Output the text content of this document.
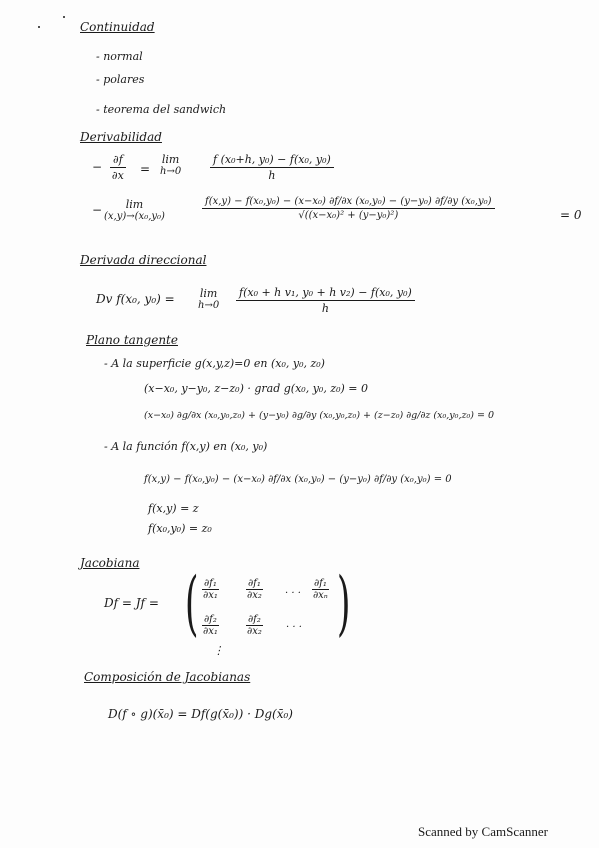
Continuidad
- normal
- polares
- teorema del sandwich
Derivabilidad
− $\frac{\partial f}{\partial x}$ =
lim
h→0	$\frac{\text{f (x₀+h, y₀) − f(x₀, y₀)}}{h}$
− lim
(x,y)→(x₀,y₀)
f(x,y) − f(x₀,y₀) − (x−x₀) ∂f/∂x (x₀,y₀) − (y−y₀) ∂f/∂y (x₀,y₀)
√((x−x₀)² + (y−y₀)²)	= 0
Derivada direccional
Dv f(x₀, y₀) = lim
$h\to 0 \frac{\text{f(x₀ + h v₁, y₀ + h v₂) − f(x₀, y₀)}}{h}$
Plano tangente
- A la superficie g(x,y,z)=0 en (x₀, y₀, z₀)
(x−x₀, y−y₀, z−z₀) · grad g(x₀, y₀, z₀) = 0
(x−x₀) ∂g/∂x (x₀,y₀,z₀) + (y−y₀) ∂g/∂y (x₀,y₀,z₀) + (z−z₀) ∂g/∂z (x₀,y₀,z₀) = 0
- A la función f(x,y) en (x₀, y₀)
f(x,y) − f(x₀,y₀) − (x−x₀) ∂f/∂x (x₀,y₀) − (y−y₀) ∂f/∂y (x₀,y₀) = 0
f(x,y) = z
f(x₀,y₀) = z₀
Jacobiana
Df = Jf = ( )
∂f₁
∂x₁
∂f₁
∂x₂ · · ·
∂f₁
∂xₙ
∂f₂
∂x₁
∂f₂
∂x₂ · · ·
⋮
Composición de Jacobianas
D(f ∘ g)(x̄₀) = Df(g(x̄₀)) · Dg(x̄₀)
Scanned by CamScanner
